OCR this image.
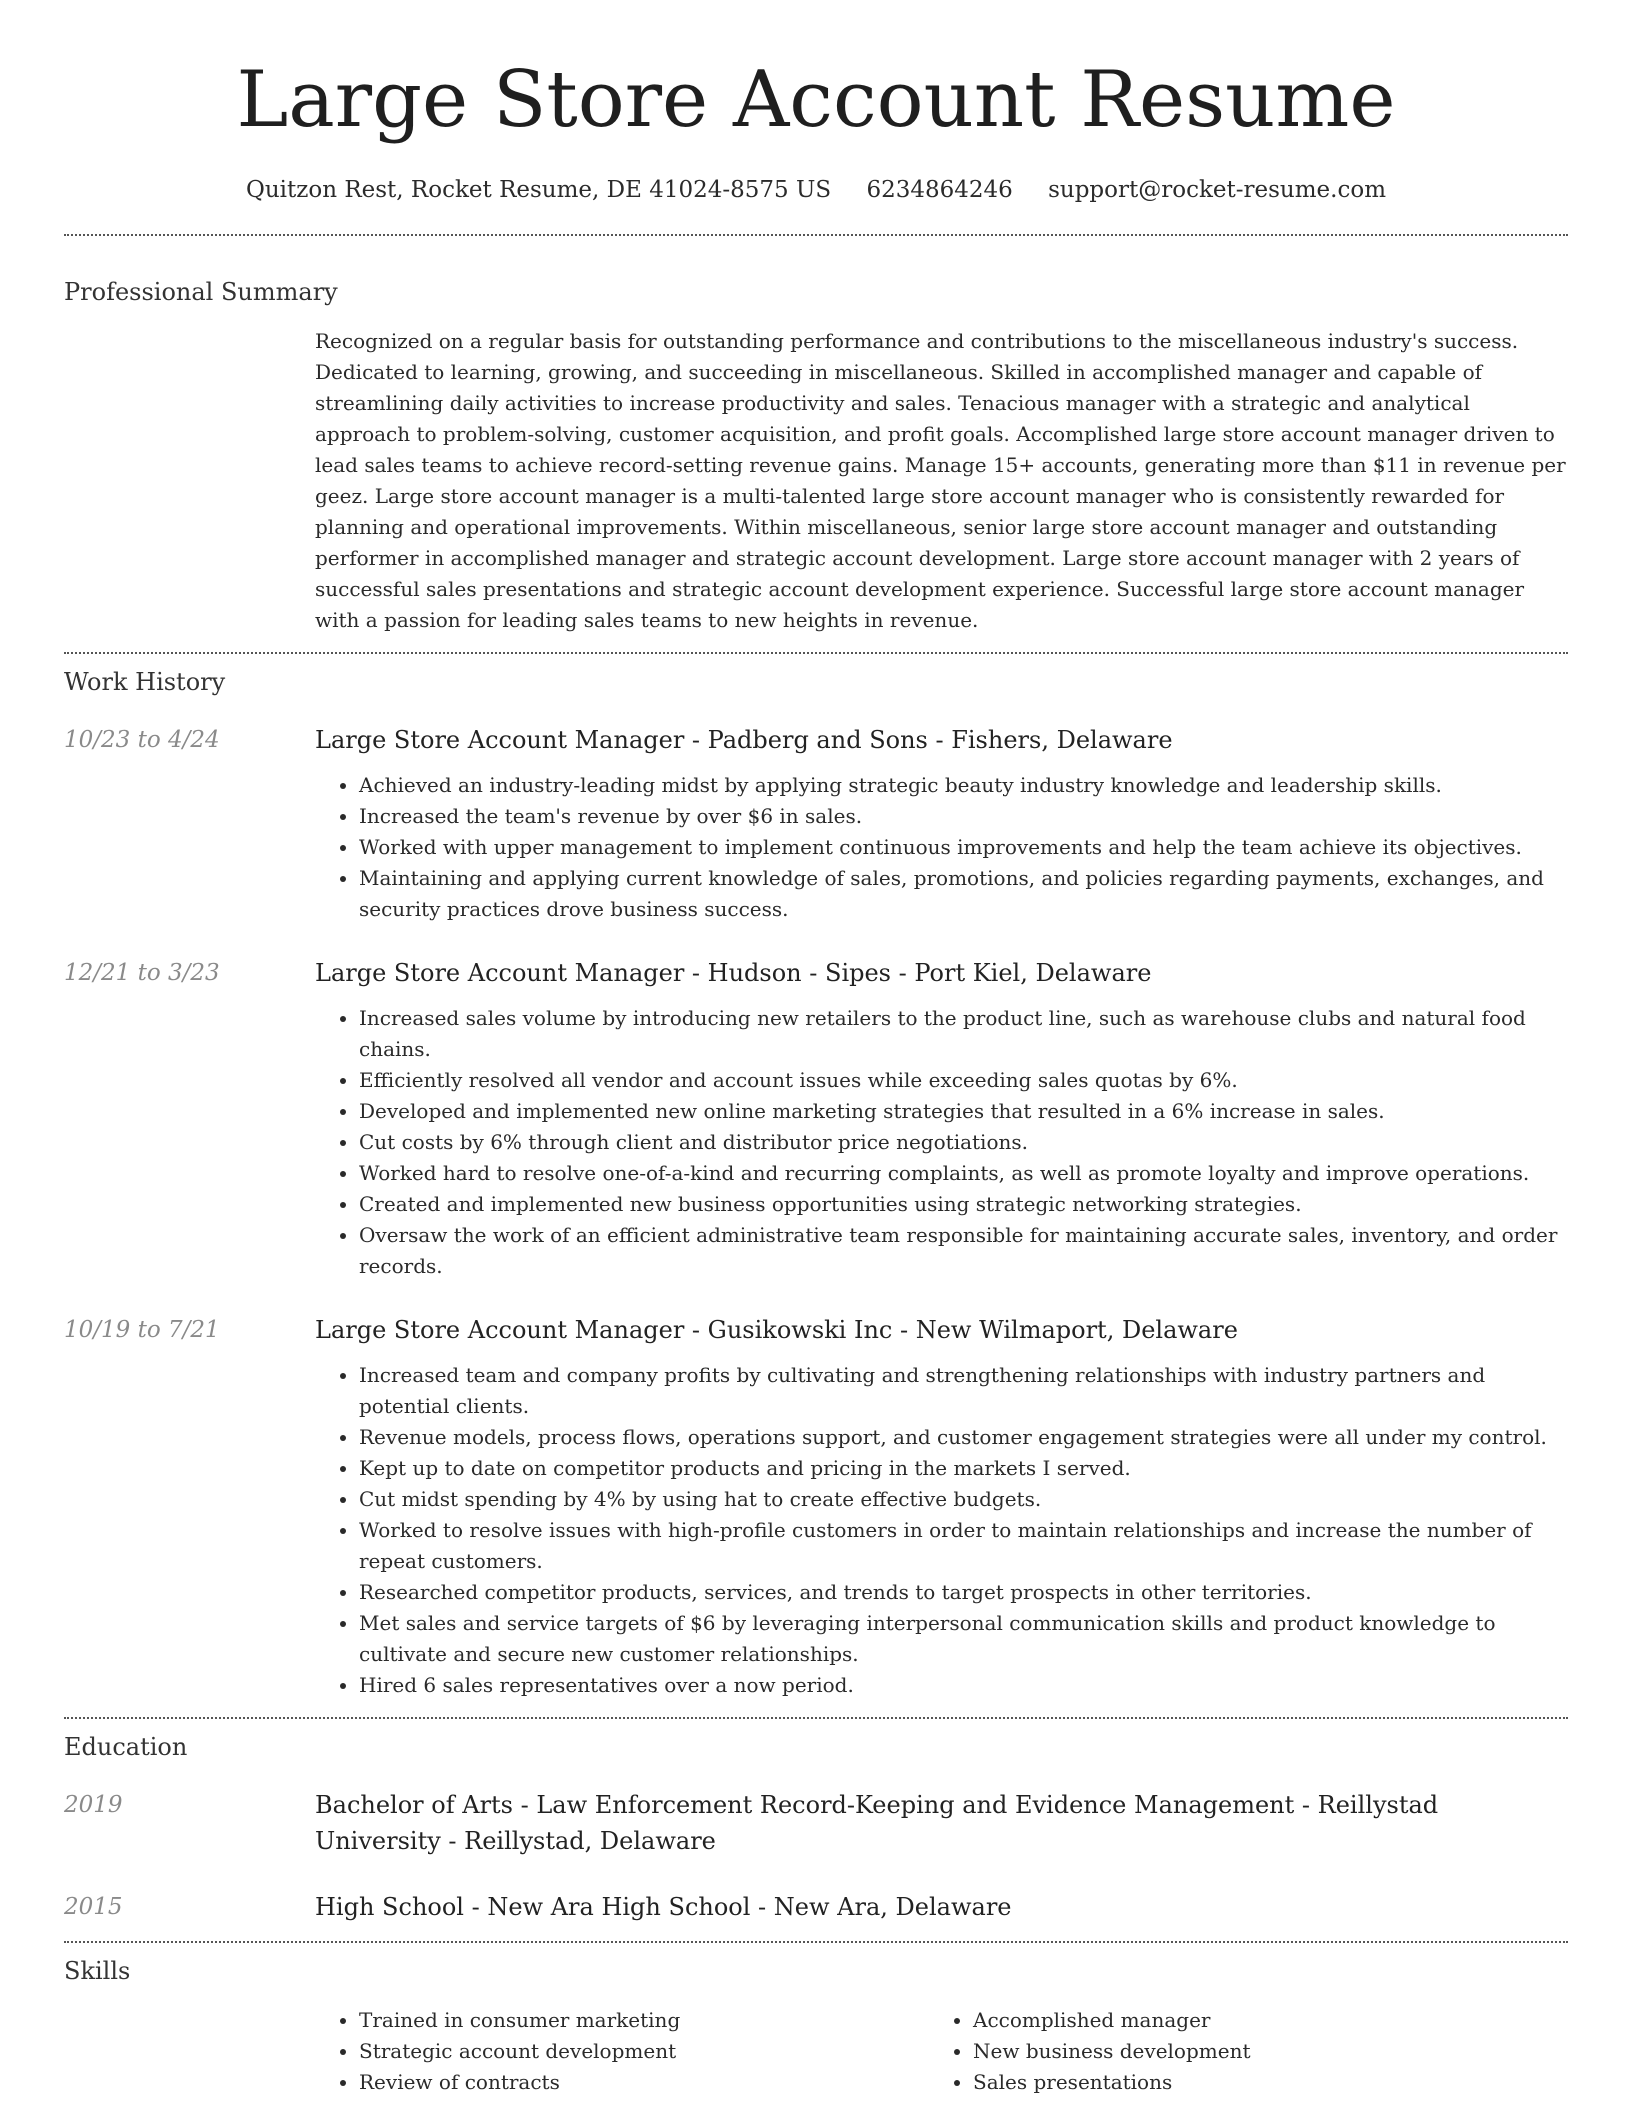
Large Store Account Resume
Quitzon Rest, Rocket Resume, DE 41024-8575 US 6234864246 support@rocket-resume.com
Professional Summary
Recognized on a regular basis for outstanding performance and contributions to the miscellaneous industry's success. Dedicated to learning, growing, and succeeding in miscellaneous. Skilled in accomplished manager and capable of streamlining daily activities to increase productivity and sales. Tenacious manager with a strategic and analytical approach to problem-solving, customer acquisition, and profit goals. Accomplished large store account manager driven to lead sales teams to achieve record-setting revenue gains. Manage 15+ accounts, generating more than $11 in revenue per geez. Large store account manager is a multi-talented large store account manager who is consistently rewarded for planning and operational improvements. Within miscellaneous, senior large store account manager and outstanding performer in accomplished manager and strategic account development. Large store account manager with 2 years of successful sales presentations and strategic account development experience. Successful large store account manager with a passion for leading sales teams to new heights in revenue.
Work History
10/23 to 4/24	Large Store Account Manager - Padberg and Sons - Fishers, Delaware
• Achieved an industry-leading midst by applying strategic beauty industry knowledge and leadership skills.
• Increased the team's revenue by over $6 in sales.
• Worked with upper management to implement continuous improvements and help the team achieve its objectives.
• Maintaining and applying current knowledge of sales, promotions, and policies regarding payments, exchanges, and security practices drove business success.
12/21 to 3/23	Large Store Account Manager - Hudson - Sipes - Port Kiel, Delaware
• Increased sales volume by introducing new retailers to the product line, such as warehouse clubs and natural food chains.
• Efficiently resolved all vendor and account issues while exceeding sales quotas by 6%.
• Developed and implemented new online marketing strategies that resulted in a 6% increase in sales.
• Cut costs by 6% through client and distributor price negotiations.
• Worked hard to resolve one-of-a-kind and recurring complaints, as well as promote loyalty and improve operations.
• Created and implemented new business opportunities using strategic networking strategies.
• Oversaw the work of an efficient administrative team responsible for maintaining accurate sales, inventory, and order records.
10/19 to 7/21	Large Store Account Manager - Gusikowski Inc - New Wilmaport, Delaware
• Increased team and company profits by cultivating and strengthening relationships with industry partners and potential clients.
• Revenue models, process flows, operations support, and customer engagement strategies were all under my control.
• Kept up to date on competitor products and pricing in the markets I served.
• Cut midst spending by 4% by using hat to create effective budgets.
• Worked to resolve issues with high-profile customers in order to maintain relationships and increase the number of repeat customers.
• Researched competitor products, services, and trends to target prospects in other territories.
• Met sales and service targets of $6 by leveraging interpersonal communication skills and product knowledge to cultivate and secure new customer relationships.
• Hired 6 sales representatives over a now period.
Education
2019	Bachelor of Arts - Law Enforcement Record-Keeping and Evidence Management - Reillystad University - Reillystad, Delaware
2015	High School - New Ara High School - New Ara, Delaware
Skills
• Trained in consumer marketing
• Strategic account development
• Review of contracts
• Accomplished manager
• New business development
• Sales presentations
